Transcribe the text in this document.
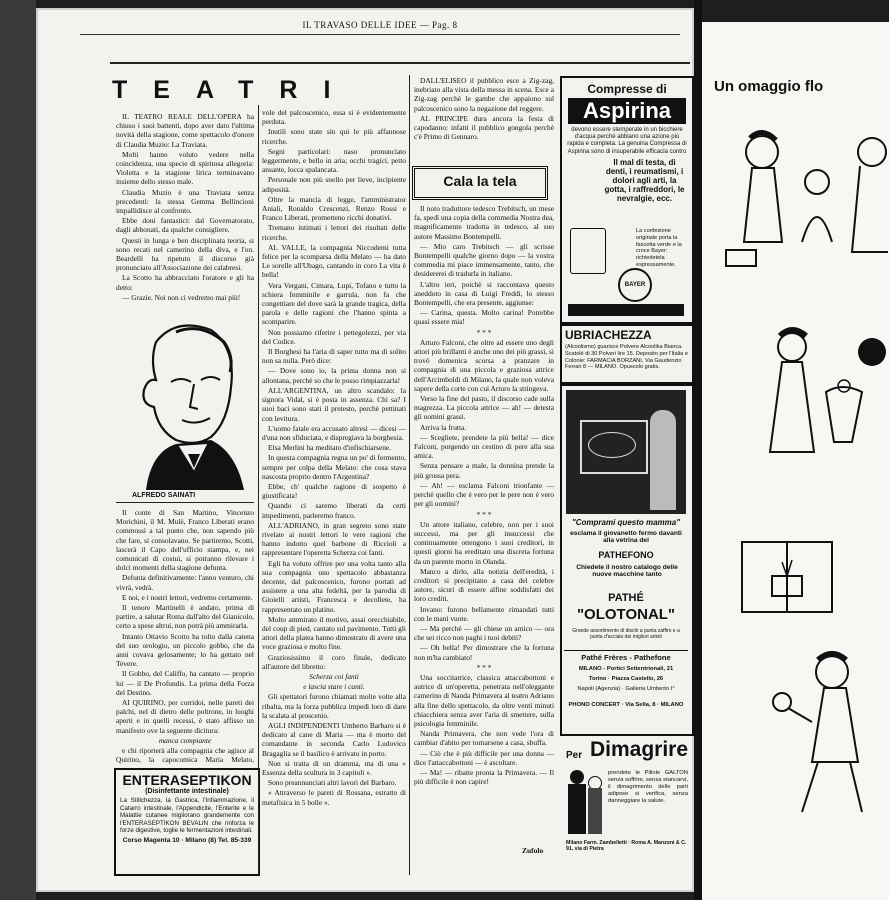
IL TRAVASO DELLE IDEE — Pag. 8
TEATRI

IL TEATRO REALE DELL'OPERA ha chiuso i suoi battenti, dopo aver dato l'ultima novità della stagione, come spettacolo d'onore di Claudia Muzio: La Traviata.

Molti hanno voluto vedere nella coincidenza, una specie di spiritosa allegoria: Violetta e la stagione lirica terminavano insieme dello stesso male.

Claudia Muzio è una Traviata senza precedenti: la stessa Gemma Bellincioni impallidisce al confronto.

Ebbe doni fantastici: dal Governatorato, dagli abbonati, da qualche consigliere.

Questi in lunga e ben disciplinata teoria, si sono recati nel camerino della diva, e l'on. Beardelli ha ripetuto il discorso già pronunciato all'Associazione dei calabresi.

La Scotto ha abbracciato l'oratore e gli ha detto:

— Grazie. Noi non ci vedremo mai più!

ALFREDO SAINATI

Il conte di San Martino, Vincenzo Morichini, il M. Mulè, Franco Liberati erano commossi a tal punto che, non sapendo più che fare, si consolavano. Se partiremo, Scotti, lascerà il Capo dell'ufficio stampa, e, nei comunicati di costui, si potranno rilevare i dolci momenti della stagione defunta.

Defunta definitivamente: l'anno venturo, chi vivrà, vedrà.

E noi, e i nostri lettori, vedremo certamente.

Il tenore Martinelli è andato, prima di partire, a salutar Roma dall'alto del Gianicolo, certo a spese altrui, non potrà più ammirarla.

Intanto Ottavio Scotto ha tolto dalla catena del suo orologio, un piccolo gobbo, che da anni covava gelosamente; lo ha gettato nel Tevere.

Il Gobbo, del Califfo, ha cantato — proprio lui — il De Profundis. La prima della Forza del Destino.

AI QUIRINO, per corridoi, nelle pareti dei palchi, nel di dietro delle poltrone, in luoghi aperti e in quelli recessi, è stato affisso un manifesto ove la seguente dicitura:

manca compiante

e chi riporterà alla compagnia che agisce al Quirino, la capocomica Maria Melato,

ENTERASEPTIKON
(Disinfettante intestinale)
La Stitichezza, la Gastrica, l'Infiammazione, il Catarro intestinale, l'Appendicite, l'Enterite e le Malattie cutanee migliorano grandemente con l'ENTERASEPTIKON BEVALIN che rinforza le forze digestive, toglie le fermentazioni intestinali.
Corso Magenta 10 · Milano (8) Tel. 85-339

vole del palcoscenico, essa si è evidentemente perduta.

Inutili sono state sin qui le più affannose ricerche.

Segni particolari: naso pronunciato leggermente, e bello in aria; occhi tragici, petto ansante, locca spalancata.

Personale non più snello per lieve, incipiente adiposità.

Oltre la mancia di legge, l'amministrator Aniali, Ronaldo Crescenzi, Renzo Rossi e Franco Liberati, prometteno ricchi donativi.

Tremano intimati i lettori dei risultati delle ricerche.

AL VALLE, la compagnia Niccodemi tutta felice per la scomparsa della Melato — ha dato Le sorelle all'Ubago, cantando in coro La vita è bella!

Vera Vergani, Cimara, Lupi, Tofano e tutto la schiera femminile e garrula, non fa che congettiare del dove sarà la grande tragica, della parola e delle ragioni che l'hanno spinta a scomparire.

Non possiamo riferire i pettegolezzi, per via del Codice.

Il Borghesi ha l'aria di saper tutto ma di solito non sa nulla. Però dice:

— Dove sono io, la prima donna non si allontana, perchè so che le posso rimpiazzarla!

ALL'ARGENTINA, un altro scandalo: la signora Vidal, si è posta in assenza. Chi sa? I suoi baci sono stati il pretesto, perchè pettinati con levitura.

L'uomo fatale era accusato altresì — dicesi — d'una non sfiduciata, e dispregiava la borghesia.

Elsa Merlini ha meditato d'infischiarsene.

In questa compagnia regna un po' di fermento, sempre per colpa della Melato: che cosa stava nascosta proprio dentro l'Argentina?

Ebbe, ch' qualche ragione di sospetto è giustificata!

Quando ci saremo liberati da certi impedimenti, parleremo franco.

ALL'ADRIANO, in gran segreto sono state rivelate ai nostri lettori le vere ragioni che hanno indotto quel barbone di Riccioli a rappresentare l'operetta Scherza coi fanti.

Egli ha voluto offrire per una volta tanto alla sua compagnia uno spettacolo abbastanza decente, dal palcoscenico, furono portati ad assistere a una alta fedeltà, per la parodia di Gioielli artisti, Francesca e decollete, ha rappresentato un platino.

Molto ammirato il motivo, assai orecchiabile, del coup di pied, cantato sul pavimento. Tutti gli attori della platea hanno dimostrato di avere una voce graziosa e molto fine.

Graziosissimo il coro finale, dedicato all'autore del libretto:

Scherza coi fanti

e lascia stare i canti.

Gli spettatori furono chiamati molte volte alla ribalta, ma la forza pubblica impedì loro di dare la scalata al proscenio.

AGLI INDIPENDENTI Umberto Barbaro si è dedicato al cane di Maria — ma è morto del comandante in seconda Carlo Ludovico Bragaglia se il basilico è arrivato in porto.

Non si tratta di un dramma, ma di una « Essenza della scultura in 3 capitoli ».

Sono preannunciati altri lavori del Barbaro.

« Attraverso le pareti di Rossana, estratto di metafisica in 5 bolle ».

DALL'ELISEO il pubblico esce a Zig-zag, inebriato alla vista della messa in scena. Esce a Zig-zag perchè le gambe che appaiono sul palcoscenico sono la negazione del reggere.

AL PRINCIPE dura ancora la festa di capodanno: infatti il pubblico gongola perchè c'è Primo di Gennaro.

Cala la tela

Il noto traduttore tedesco Trebitsch, un mese fa, spedì una copia della commedia Nostra dea, magnificamente tradotta in tedesco, al suo autore Massimo Bontempelli.

— Mio caro Trebitsch — gli scrisse Bontempelli qualche giorno dopo — la vostra commedia mi piace immensamente, tanto, che desidererei di tradurla in italiano.

L'altro ieri, poichè si raccontava questo aneddoto in casa di Luigi Freddi, lo stesso Bontempelli, che era presente, aggiunse:

— Carina, questa. Molto carina! Potrebbe quasi essere mia!

* * *

Arturo Falconi, che oltre ad essere uno degli attori più brillanti è anche uno dei più grassi, si trovò domenica scorsa a pranzare in compagnia di una piccola e graziosa attrice dell'Arcimboldi di Milano, la quale non voleva sapere della corte con cui Arturo la stringeva.

Verso la fine del pasto, il discorso cade sulla magrezza. La piccola attrice — ah! — detesta gli uomini grassi.

Arriva la frutta.

— Scegliete, prendete la più bella! — dice Falconi, porgendo un cestino di pere alla sua amica.

Senza pensare a male, la donnina prende la più grossa pera.

— Ah! — esclama Falconi trionfante — perchè quello che è vero per le pere non è vero per gli uomini?

* * *

Un attore italiano, celebre, non per i suoi successi, ma per gli insuccessi che continuamente ottengono i suoi creditori, in questi giorni ha ereditato una discreta fortuna da un parente morto in Olanda.

Manco a dirlo, alla notizia dell'eredità, i creditori si precipitano a casa del celebre autore, sicuri di essere alfine soddisfatti dei loro crediti.

Invano: furono bellamente rimandati tutti con le mani vuote.

— Ma perchè — gli chiese un amico — ora che sei ricco non paghi i tuoi debiti?

— Oh bella! Per dimostrare che la fortuna non m'ha cambiato!

* * *

Una soccitatrice, classica attaccabottoni e autrice di un'operetta, penetrata nell'oleggante camerino di Nanda Primavera al teatro Adriano alla fine dello spettacolo, da oltre venti minuti chiacchiera senza aver l'aria di smettere, sulla psicologia femminile.

Nanda Primavera, che non vede l'ora di cambiar d'abito per tornarsene a casa, sbuffa.

— Ciò che è più difficile per una donna — dice l'attaccabottoni — è ascoltare.

— Ma! — ribatte pronta la Primavera. — Il più difficile è non capire!

Zufolo
Compresse di
Aspirina
devono essere stemperate in un bicchiere d'acqua perchè abbiano una azione più rapida e completa. La genuina Compressa di Aspirina sono di insuperabile efficacia contro
Il mal di testa, di denti, i reumatismi, i dolori agli arti, la gotta, i raffreddori, le nevralgie, ecc.
BAYER
La confezione originale porta la fascetta verde e la croce Bayer: richiedetela espressamente.
UBRIACHEZZA
(Alcoolismo) guarisce Polvere Alcoolika Bianca. Scatolé di 30 Polveri lire 15. Deposito per l'Italia e Colonie: FARMACIA BORZANI, Via Gaudenzio Ferrari 8 — MILANO. Opuscolo gratis.
"Comprami questo mamma"
esclama il giovanetto fermo davanti alla vetrina del
PATHEFONO
Chiedete il nostro catalogo delle nuove macchine tanto
PATHÉ
"OLOTONAL"
Grande assortimento di dischi a punta zaffiro e a punta d'acciaio dei migliori artisti
Pathé Frères - Pathefone
MILANO - Portici Settentrionali, 21
Torino · Piazza Castello, 26
Napoli (Agenzia) · Galleria Umberto I°
PHONO CONCERT · Via Sella, 8 · MILANO
Per Dimagrire
prendete le Pillole GALTON senza soffrire, senza stancarvi, il dimagrimento delle parti adipose si verifica, senza danneggiare la salute.
Milano Farm. Zambelletti · Roma A. Manzoni & C. 91, via di Pietra
Un omaggio flo
